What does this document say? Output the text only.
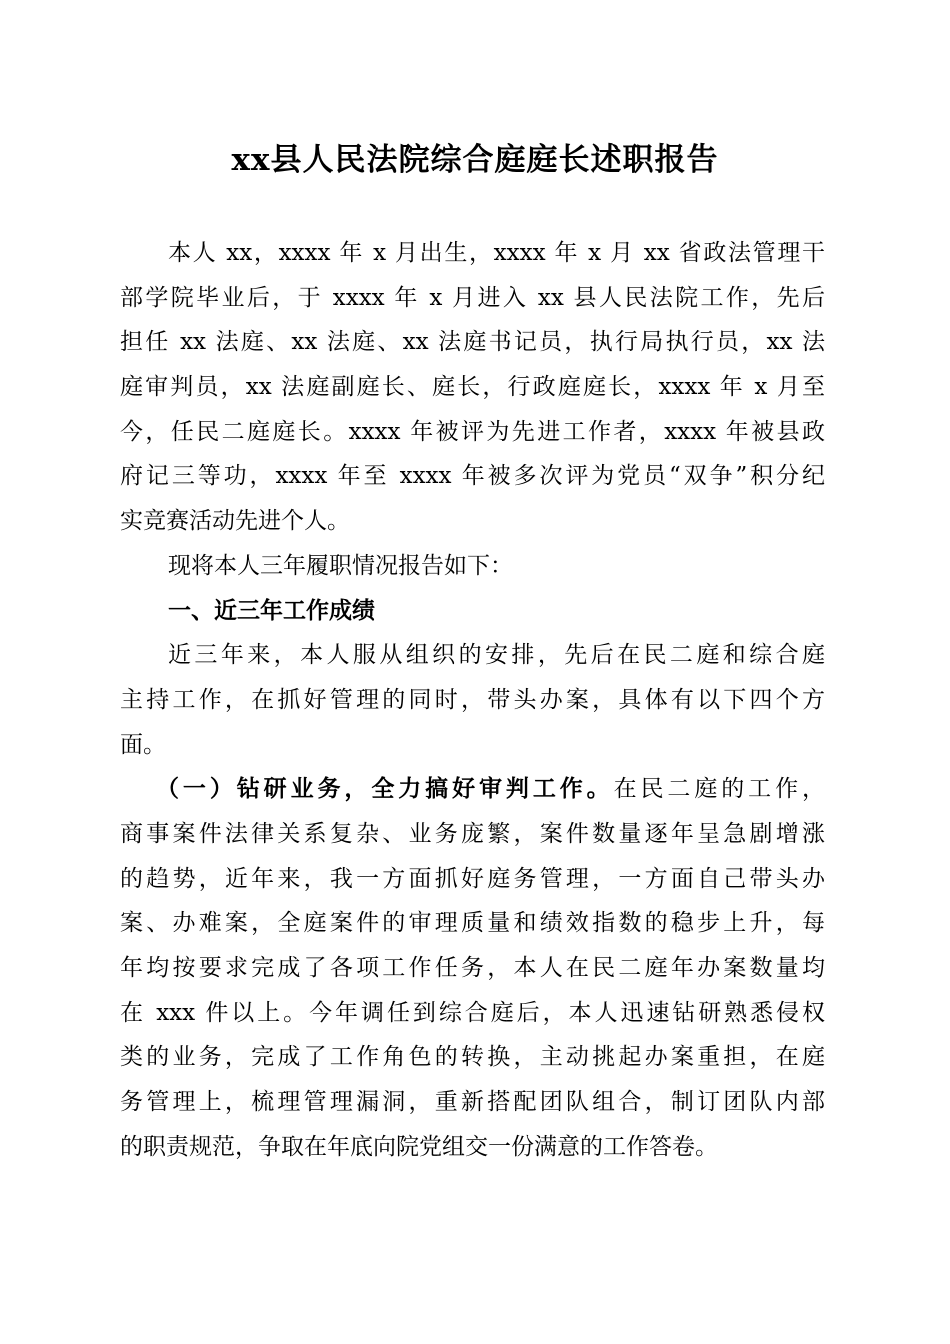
xx县人民法院综合庭庭长述职报告
本人 xx，xxxx 年 x 月出生，xxxx 年 x 月 xx 省政法管理干
部学院毕业后，于 xxxx 年 x 月进入 xx 县人民法院工作，先后
担任 xx 法庭、xx 法庭、xx 法庭书记员，执行局执行员，xx 法
庭审判员，xx 法庭副庭长、庭长，行政庭庭长，xxxx 年 x 月至
今，任民二庭庭长。xxxx 年被评为先进工作者，xxxx 年被县政
府记三等功，xxxx 年至 xxxx 年被多次评为党员“双争”积分纪
实竞赛活动先进个人。
现将本人三年履职情况报告如下：
一、近三年工作成绩
近三年来，本人服从组织的安排，先后在民二庭和综合庭
主持工作，在抓好管理的同时，带头办案，具体有以下四个方
面。
（一）钻研业务，全力搞好审判工作。在民二庭的工作，
商事案件法律关系复杂、业务庞繁，案件数量逐年呈急剧增涨
的趋势，近年来，我一方面抓好庭务管理，一方面自己带头办
案、办难案，全庭案件的审理质量和绩效指数的稳步上升，每
年均按要求完成了各项工作任务，本人在民二庭年办案数量均
在 xxx 件以上。今年调任到综合庭后，本人迅速钻研熟悉侵权
类的业务，完成了工作角色的转换，主动挑起办案重担，在庭
务管理上，梳理管理漏洞，重新搭配团队组合，制订团队内部
的职责规范，争取在年底向院党组交一份满意的工作答卷。
